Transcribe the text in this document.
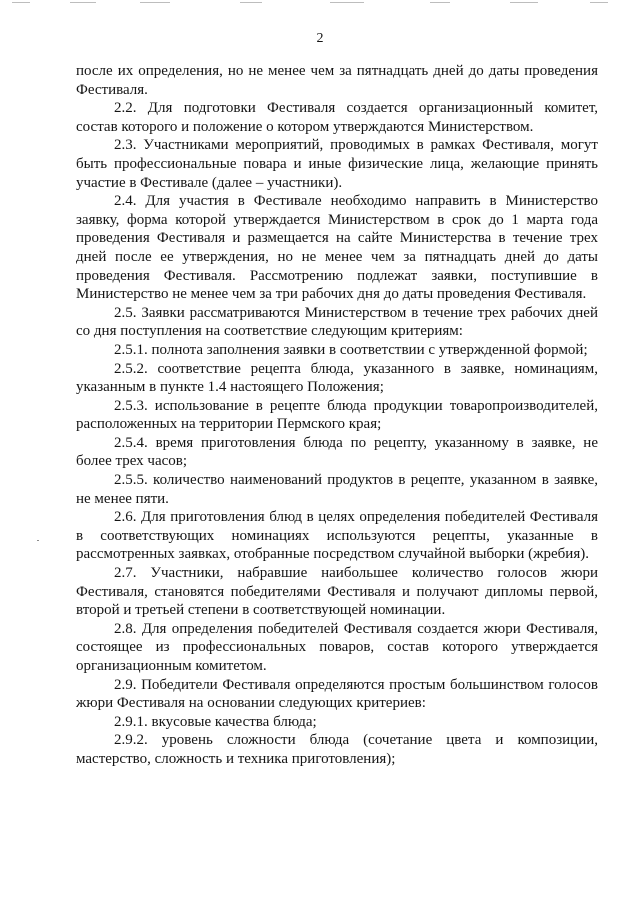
2

после их определения, но не менее чем за пятнадцать дней до даты проведения Фестиваля.

2.2. Для подготовки Фестиваля создается организационный комитет, состав которого и положение о котором утверждаются Министерством.

2.3. Участниками мероприятий, проводимых в рамках Фестиваля, могут быть профессиональные повара и иные физические лица, желающие принять участие в Фестивале (далее – участники).

2.4. Для участия в Фестивале необходимо направить в Министерство заявку, форма которой утверждается Министерством в срок до 1 марта года проведения Фестиваля и размещается на сайте Министерства в течение трех дней после ее утверждения, но не менее чем за пятнадцать дней до даты проведения Фестиваля. Рассмотрению подлежат заявки, поступившие в Министерство не менее чем за три рабочих дня до даты проведения Фестиваля.

2.5. Заявки рассматриваются Министерством в течение трех рабочих дней со дня поступления на соответствие следующим критериям:

2.5.1. полнота заполнения заявки в соответствии с утвержденной формой;

2.5.2. соответствие рецепта блюда, указанного в заявке, номинациям, указанным в пункте 1.4 настоящего Положения;

2.5.3. использование в рецепте блюда продукции товаропроизводителей, расположенных на территории Пермского края;

2.5.4. время приготовления блюда по рецепту, указанному в заявке, не более трех часов;

2.5.5. количество наименований продуктов в рецепте, указанном в заявке, не менее пяти.

2.6. Для приготовления блюд в целях определения победителей Фестиваля в соответствующих номинациях используются рецепты, указанные в рассмотренных заявках, отобранные посредством случайной выборки (жребия).

2.7. Участники, набравшие наибольшее количество голосов жюри Фестиваля, становятся победителями Фестиваля и получают дипломы первой, второй и третьей степени в соответствующей номинации.

2.8. Для определения победителей Фестиваля создается жюри Фестиваля, состоящее из профессиональных поваров, состав которого утверждается организационным комитетом.

2.9. Победители Фестиваля определяются простым большинством голосов жюри Фестиваля на основании следующих критериев:

2.9.1. вкусовые качества блюда;

2.9.2. уровень сложности блюда (сочетание цвета и композиции, мастерство, сложность и техника приготовления);
